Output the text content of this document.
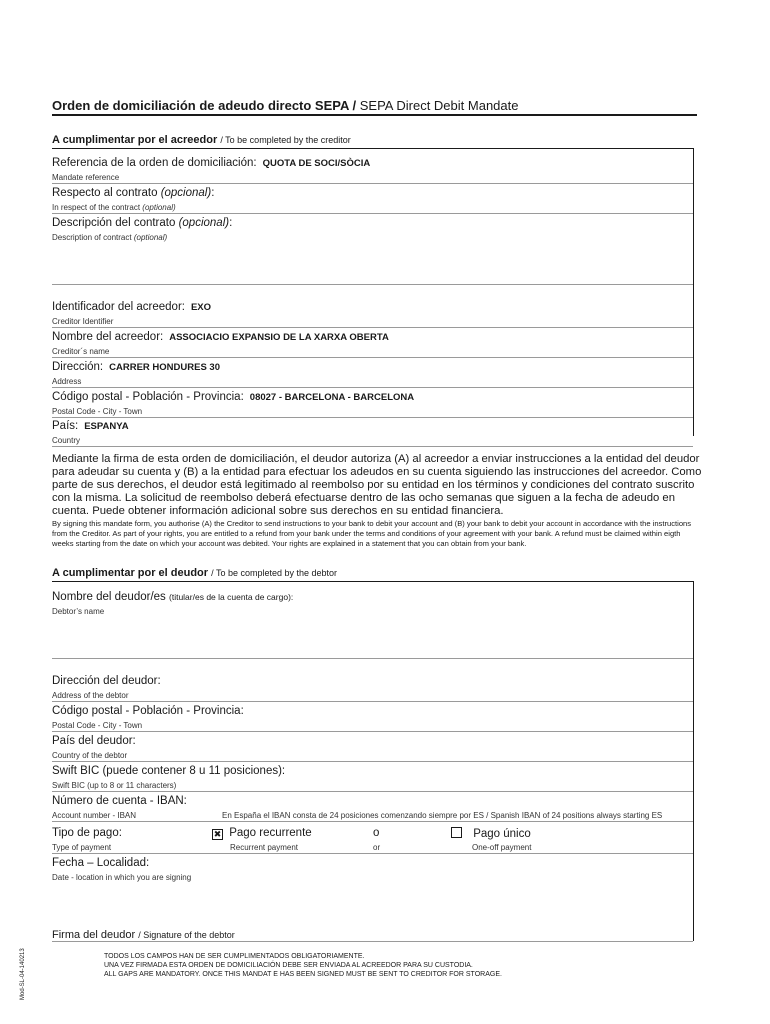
Orden de domiciliación de adeudo directo SEPA / SEPA Direct Debit Mandate
A cumplimentar por el acreedor / To be completed by the creditor
Referencia de la orden de domiciliación: QUOTA DE SOCI/SÒCIA
Mandate reference
Respecto al contrato (opcional):
In respect of the contract (optional)
Descripción del contrato (opcional):
Description of contract (optional)
Identificador del acreedor: EXO
Creditor Identifier
Nombre del acreedor: ASSOCIACIO EXPANSIO DE LA XARXA OBERTA
Creditor´s name
Dirección: CARRER HONDURES 30
Address
Código postal - Población - Provincia: 08027 - BARCELONA - BARCELONA
Postal Code - City - Town
País: ESPANYA
Country
Mediante la firma de esta orden de domiciliación, el deudor autoriza (A) al acreedor a enviar instrucciones a la entidad del deudor para adeudar su cuenta y (B) a la entidad para efectuar los adeudos en su cuenta siguiendo las instrucciones del acreedor. Como parte de sus derechos, el deudor está legitimado al reembolso por su entidad en los términos y condiciones del contrato suscrito con la misma. La solicitud de reembolso deberá efectuarse dentro de las ocho semanas que siguen a la fecha de adeudo en cuenta. Puede obtener información adicional sobre sus derechos en su entidad financiera.
By signing this mandate form, you authorise (A) the Creditor to send instructions to your bank to debit your account and (B) your bank to debit your account in accordance with the instructions from the Creditor. As part of your rights, you are entitled to a refund from your bank under the terms and conditions of your agreement with your bank. A refund must be claimed within eigth weeks starting from the date on which your account was debited. Your rights are explained in a statement that you can obtain from your bank.
A cumplimentar por el deudor / To be completed by the debtor
Nombre del deudor/es (titular/es de la cuenta de cargo):
Debtor’s name
Dirección del deudor:
Address of the debtor
Código postal - Población - Provincia:
Postal Code - City - Town
País del deudor:
Country of the debtor
Swift BIC (puede contener 8 u 11 posiciones):
Swift BIC (up to 8 or 11 characters)
Número de cuenta - IBAN:
Account number - IBAN	En España el IBAN consta de 24 posiciones comenzando siempre por ES / Spanish IBAN of 24 positions always starting ES
Tipo de pago:
Type of payment
✖ Pago recurrente
Recurrent payment
o
or
Pago único
One-off payment
Fecha – Localidad:
Date - location in which you are signing
Firma del deudor / Signature of the debtor
TODOS LOS CAMPOS HAN DE SER CUMPLIMENTADOS OBLIGATORIAMENTE.
UNA VEZ FIRMADA ESTA ORDEN DE DOMICILIACIÓN DEBE SER ENVIADA AL ACREEDOR PARA SU CUSTODIA.
ALL GAPS ARE MANDATORY. ONCE THIS MANDAT E HAS BEEN SIGNED MUST BE SENT TO CREDITOR FOR STORAGE.
Mod-SL-04-140213
